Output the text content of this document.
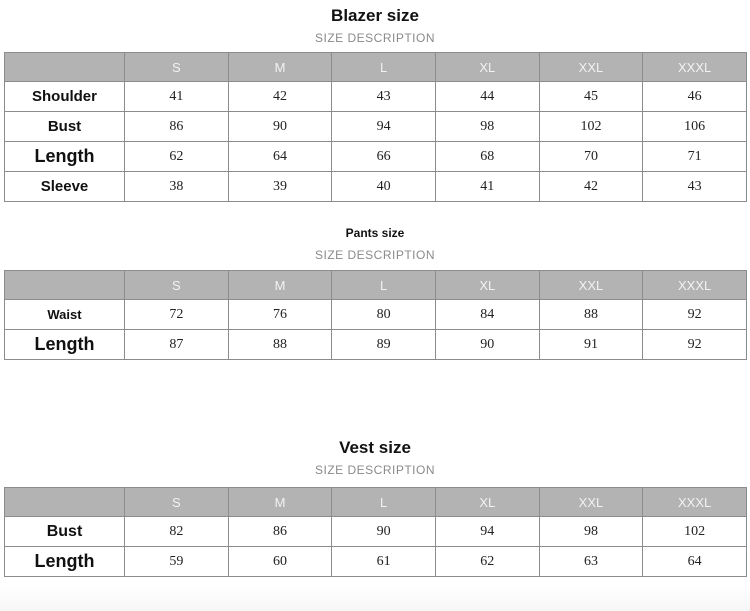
Blazer size
SIZE DESCRIPTION
	S	M	L	XL	XXL	XXXL
Shoulder	41	42	43	44	45	46
Bust	86	90	94	98	102	106
Length	62	64	66	68	70	71
Sleeve	38	39	40	41	42	43
Pants size
SIZE DESCRIPTION
	S	M	L	XL	XXL	XXXL
Waist	72	76	80	84	88	92
Length	87	88	89	90	91	92
Vest size
SIZE DESCRIPTION
	S	M	L	XL	XXL	XXXL
Bust	82	86	90	94	98	102
Length	59	60	61	62	63	64
